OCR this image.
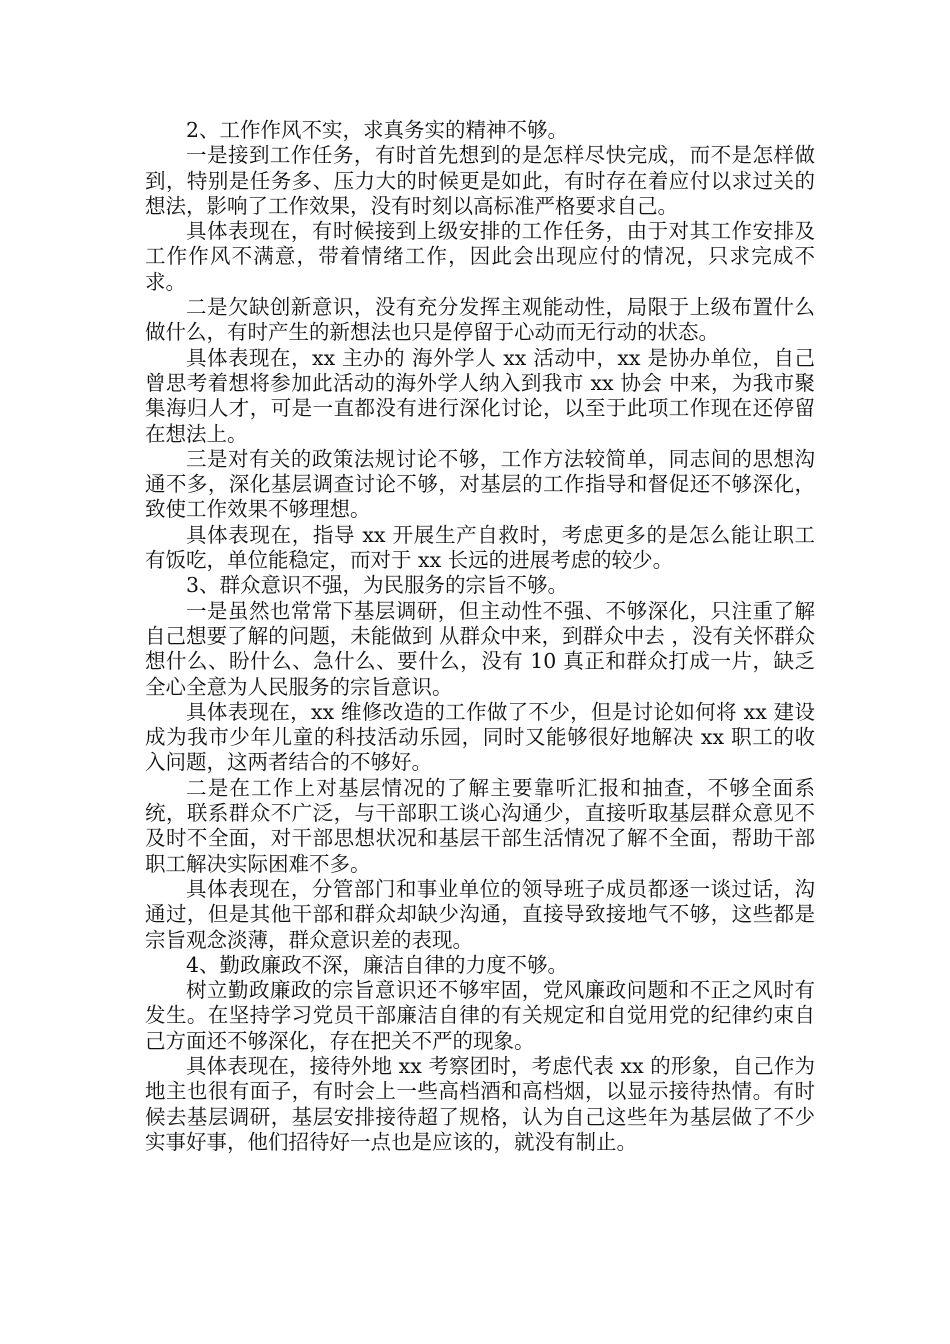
2、工作作风不实，求真务实的精神不够。

一是接到工作任务，有时首先想到的是怎样尽快完成，而不是怎样做到，特别是任务多、压力大的时候更是如此，有时存在着应付以求过关的想法，影响了工作效果，没有时刻以高标准严格要求自己。

具体表现在，有时候接到上级安排的工作任务，由于对其工作安排及工作作风不满意，带着情绪工作，因此会出现应付的情况，只求完成不求。

二是欠缺创新意识，没有充分发挥主观能动性，局限于上级布置什么做什么，有时产生的新想法也只是停留于心动而无行动的状态。

具体表现在，xx 主办的 海外学人 xx 活动中，xx 是协办单位，自己曾思考着想将参加此活动的海外学人纳入到我市 xx 协会 中来，为我市聚集海归人才，可是一直都没有进行深化讨论，以至于此项工作现在还停留在想法上。

三是对有关的政策法规讨论不够，工作方法较简单，同志间的思想沟通不多，深化基层调查讨论不够，对基层的工作指导和督促还不够深化，致使工作效果不够理想。

具体表现在，指导 xx 开展生产自救时，考虑更多的是怎么能让职工有饭吃，单位能稳定，而对于 xx 长远的进展考虑的较少。

3、群众意识不强，为民服务的宗旨不够。

一是虽然也常常下基层调研，但主动性不强、不够深化，只注重了解自己想要了解的问题，未能做到 从群众中来，到群众中去 ，没有关怀群众想什么、盼什么、急什么、要什么，没有 10 真正和群众打成一片，缺乏全心全意为人民服务的宗旨意识。

具体表现在，xx 维修改造的工作做了不少，但是讨论如何将 xx 建设成为我市少年儿童的科技活动乐园，同时又能够很好地解决 xx 职工的收入问题，这两者结合的不够好。

二是在工作上对基层情况的了解主要靠听汇报和抽查，不够全面系统，联系群众不广泛，与干部职工谈心沟通少，直接听取基层群众意见不及时不全面，对干部思想状况和基层干部生活情况了解不全面，帮助干部职工解决实际困难不多。

具体表现在，分管部门和事业单位的领导班子成员都逐一谈过话，沟通过，但是其他干部和群众却缺少沟通，直接导致接地气不够，这些都是宗旨观念淡薄，群众意识差的表现。

4、勤政廉政不深，廉洁自律的力度不够。

树立勤政廉政的宗旨意识还不够牢固，党风廉政问题和不正之风时有发生。在坚持学习党员干部廉洁自律的有关规定和自觉用党的纪律约束自己方面还不够深化，存在把关不严的现象。

具体表现在，接待外地 xx 考察团时，考虑代表 xx 的形象，自己作为地主也很有面子，有时会上一些高档酒和高档烟，以显示接待热情。有时候去基层调研，基层安排接待超了规格，认为自己这些年为基层做了不少实事好事，他们招待好一点也是应该的，就没有制止。
